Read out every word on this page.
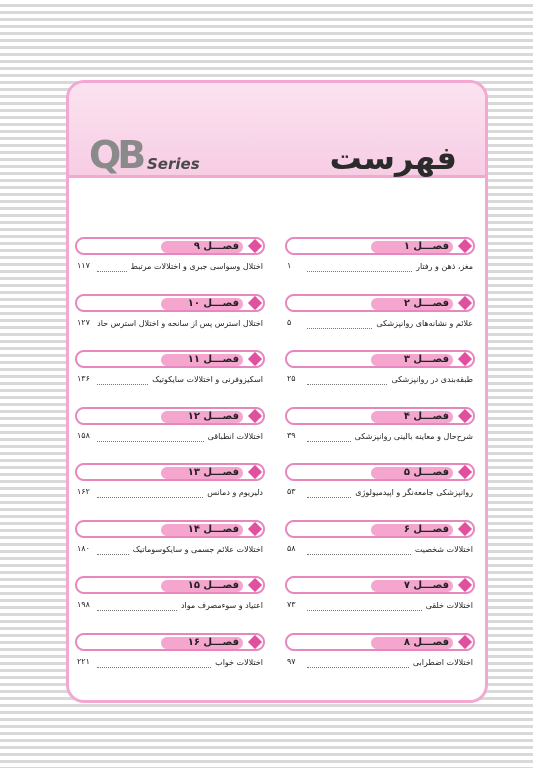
QB Series	فهرست
فصـــل ۱
مغز، ذهن و رفتار
۱
فصـــل ۲
علائم و نشانه‌های روانپزشکی
۵
فصـــل ۳
طبقه‌بندی در روانپزشکی
۲۵
فصـــل ۴
شرح‌حال و معاینه بالینی روانپزشکی
۳۹
فصـــل ۵
روانپزشکی جامعه‌نگر و اپیدمیولوژی
۵۳
فصـــل ۶
اختلالات شخصیت
۵۸
فصـــل ۷
اختلالات خلقی
۷۳
فصـــل ۸
اختلالات اضطرابی
۹۷
فصـــل ۹
اختلال وسواسی جبری و اختلالات مرتبط
۱۱۷
فصـــل ۱۰
اختلال استرس پس از سانحه و اختلال استرس حاد
۱۲۷
فصـــل ۱۱
اسکیزوفرنی و اختلالات سایکوتیک
۱۳۶
فصـــل ۱۲
اختلالات انطباقی
۱۵۸
فصـــل ۱۳
دلیریوم و دمانس
۱۶۲
فصـــل ۱۴
اختلالات علائم جسمی و سایکوسوماتیک
۱۸۰
فصـــل ۱۵
اعتیاد و سوءمصرف مواد
۱۹۸
فصـــل ۱۶
اختلالات خواب
۲۲۱
